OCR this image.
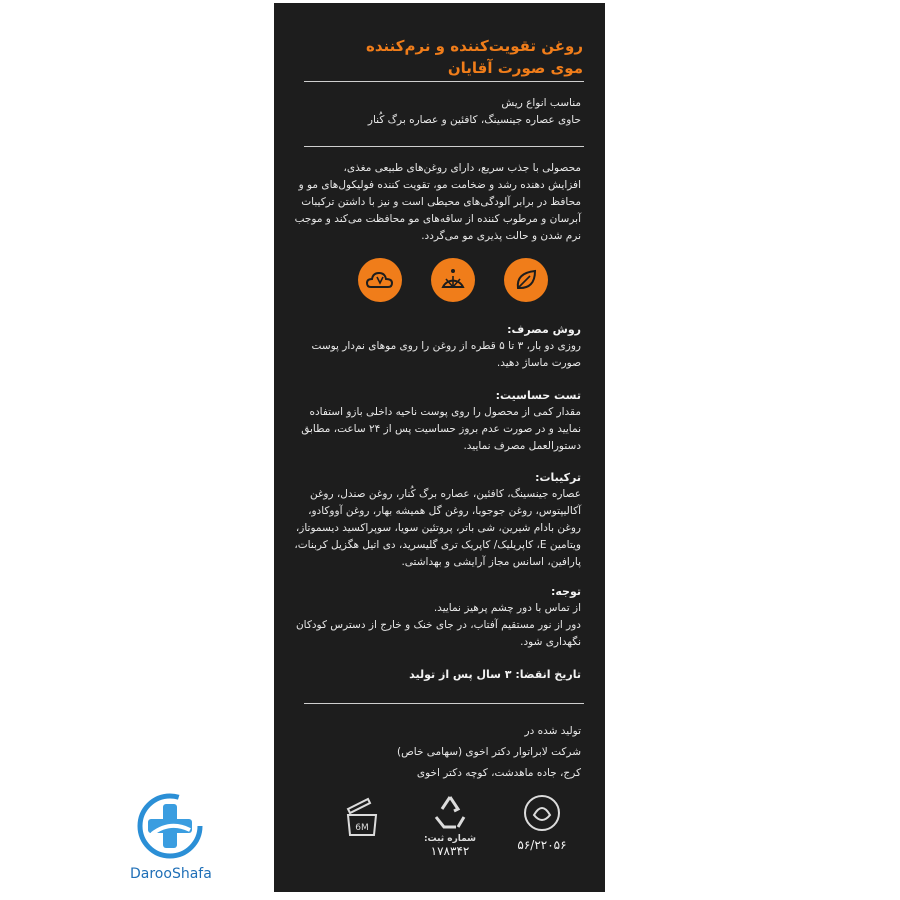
DarooShafa
روغن تقویت‌کننده و نرم‌کننده
موی صورت آقایان
مناسب انواع ریش
حاوی عصاره جینسینگ، کافئین و عصاره برگ کُنار
محصولی با جذب سریع، دارای روغن‌های طبیعی مغذی،
افزایش دهنده رشد و ضخامت مو، تقویت کننده فولیکول‌های مو و
محافظ در برابر آلودگی‌های محیطی است و نیز با داشتن ترکیبات
آبرسان و مرطوب کننده از ساقه‌های مو محافظت می‌کند و موجب
نرم شدن و حالت پذیری مو می‌گردد.
روش مصرف:
روزی دو بار، ۳ تا ۵ قطره از روغن را روی موهای نم‌دار پوست
صورت ماساژ دهید.
تست حساسیت:
مقدار کمی از محصول را روی پوست ناحیه داخلی بازو استفاده
نمایید و در صورت عدم بروز حساسیت پس از ۲۴ ساعت، مطابق
دستورالعمل مصرف نمایید.
ترکیبات:
عصاره جینسینگ، کافئین، عصاره برگ کُنار، روغن صندل، روغن
آکالیپتوس، روغن جوجوبا، روغن گل همیشه بهار، روغن آووکادو،
روغن بادام شیرین، شی باتر، پروتئین سویا، سوپراکسید دیسموتاز،
ویتامین E، کاپریلیک/ کاپریک تری گلیسرید، دی اتیل هگزیل کربنات،
پارافین، اسانس مجاز آرایشی و بهداشتی.
توجه:
از تماس با دور چشم پرهیز نمایید.
دور از نور مستقیم آفتاب، در جای خنک و خارج از دسترس کودکان
نگهداری شود.
تاریخ انقضا: ۳ سال پس از تولید
تولید شده در
شرکت لابراتوار دکتر اخوی (سهامی خاص)
کرج، جاده ماهدشت، کوچه دکتر اخوی
6M
شماره ثبت:
۱۷۸۳۴۲	۵۶/۲۲۰۵۶
